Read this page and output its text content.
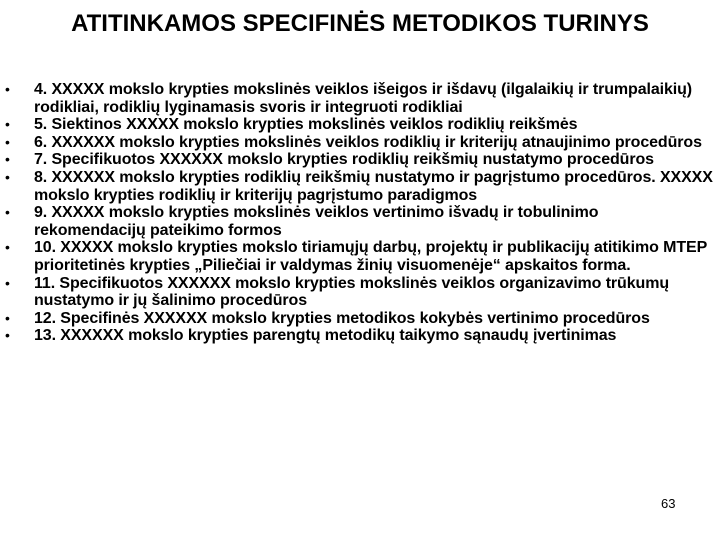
ATITINKAMOS SPECIFINĖS METODIKOS TURINYS
• 4. XXXXX mokslo krypties mokslinės veiklos išeigos ir išdavų (ilgalaikių ir trumpalaikių) rodikliai, rodiklių lyginamasis svoris ir integruoti rodikliai
• 5. Siektinos XXXXX mokslo krypties mokslinės veiklos rodiklių reikšmės
• 6. XXXXXX mokslo krypties mokslinės veiklos rodiklių ir kriterijų atnaujinimo procedūros
• 7. Specifikuotos XXXXXX mokslo krypties rodiklių reikšmių nustatymo procedūros
• 8. XXXXXX mokslo krypties rodiklių reikšmių nustatymo ir pagrįstumo procedūros. XXXXX mokslo krypties rodiklių ir kriterijų pagrįstumo paradigmos
• 9. XXXXX mokslo krypties mokslinės veiklos vertinimo išvadų ir tobulinimo rekomendacijų pateikimo formos
• 10. XXXXX mokslo krypties mokslo tiriamųjų darbų, projektų ir publikacijų atitikimo MTEP prioritetinės krypties „Piliečiai ir valdymas žinių visuomenėje“ apskaitos forma.
• 11. Specifikuotos XXXXXX mokslo krypties mokslinės veiklos organizavimo trūkumų nustatymo ir jų šalinimo procedūros
• 12. Specifinės XXXXXX mokslo krypties metodikos kokybės vertinimo procedūros
• 13. XXXXXX mokslo krypties parengtų metodikų taikymo sąnaudų įvertinimas
63
